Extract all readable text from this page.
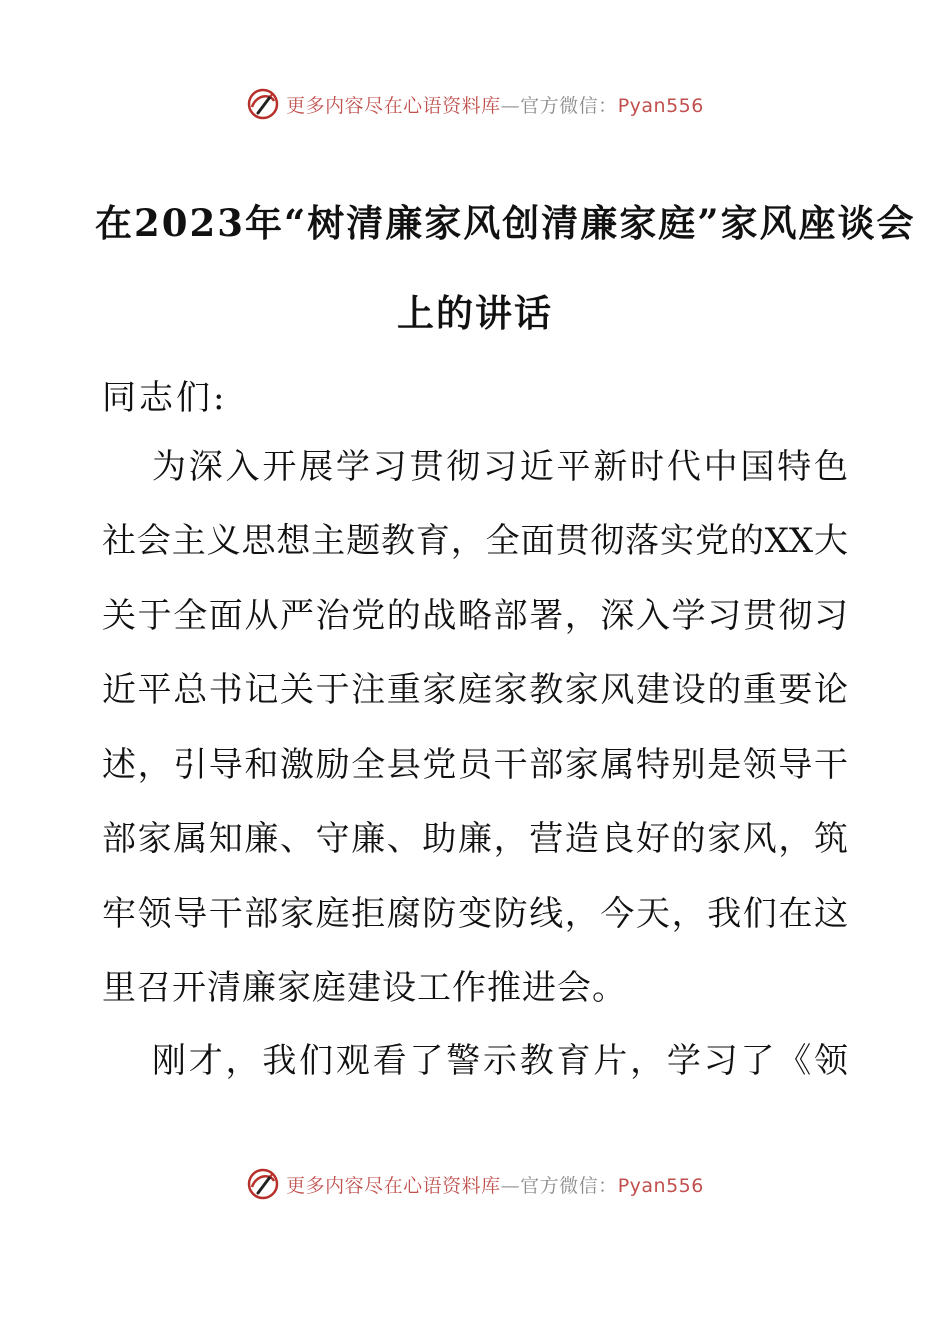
更多内容尽在心语资料库—官方微信：Pyan556
在2023年“树清廉家风创清廉家庭”家风座谈会
上的讲话
同志们:
为深入开展学习贯彻习近平新时代中国特色
社会主义思想主题教育，全面贯彻落实党的XX大
关于全面从严治党的战略部署，深入学习贯彻习
近平总书记关于注重家庭家教家风建设的重要论
述，引导和激励全县党员干部家属特别是领导干
部家属知廉、守廉、助廉，营造良好的家风，筑
牢领导干部家庭拒腐防变防线，今天，我们在这
里召开清廉家庭建设工作推进会。
刚才，我们观看了警示教育片，学习了《领
更多内容尽在心语资料库—官方微信：Pyan556
